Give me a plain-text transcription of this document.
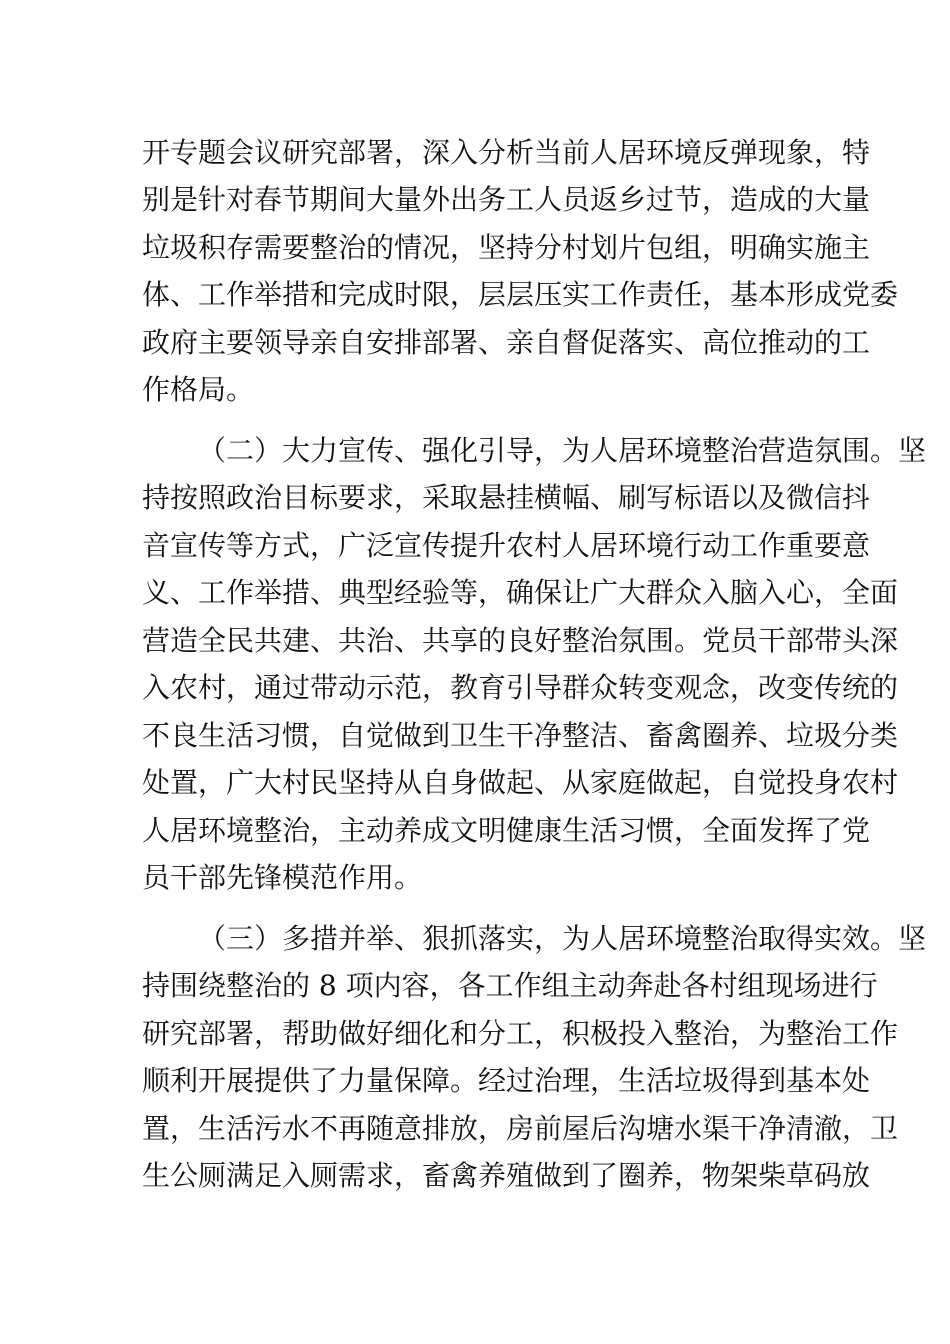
开专题会议研究部署，深入分析当前人居环境反弹现象，特
别是针对春节期间大量外出务工人员返乡过节，造成的大量
垃圾积存需要整治的情况，坚持分村划片包组，明确实施主
体、工作举措和完成时限，层层压实工作责任，基本形成党委
政府主要领导亲自安排部署、亲自督促落实、高位推动的工
作格局。
（二）大力宣传、强化引导，为人居环境整治营造氛围。坚
持按照政治目标要求，采取悬挂横幅、刷写标语以及微信抖
音宣传等方式，广泛宣传提升农村人居环境行动工作重要意
义、工作举措、典型经验等，确保让广大群众入脑入心，全面
营造全民共建、共治、共享的良好整治氛围。党员干部带头深
入农村，通过带动示范，教育引导群众转变观念，改变传统的
不良生活习惯，自觉做到卫生干净整洁、畜禽圈养、垃圾分类
处置，广大村民坚持从自身做起、从家庭做起，自觉投身农村
人居环境整治，主动养成文明健康生活习惯，全面发挥了党
员干部先锋模范作用。
（三）多措并举、狠抓落实，为人居环境整治取得实效。坚
持围绕整治的 8 项内容，各工作组主动奔赴各村组现场进行
研究部署，帮助做好细化和分工，积极投入整治，为整治工作
顺利开展提供了力量保障。经过治理，生活垃圾得到基本处
置，生活污水不再随意排放，房前屋后沟塘水渠干净清澈，卫
生公厕满足入厕需求，畜禽养殖做到了圈养，物架柴草码放
